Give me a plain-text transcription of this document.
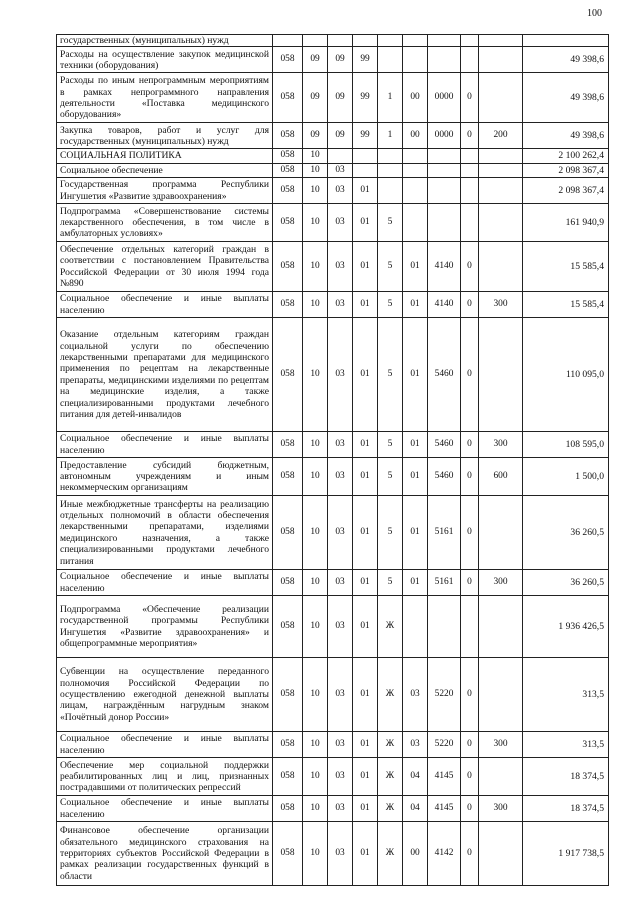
100
государственных (муниципальных) нужд										
Расходы на осуществление закупок медицинской техники (оборудования)	058	09	09	99						49 398,6
Расходы по иным непрограммным мероприятиям в рамках непрограммного направления деятельности «Поставка медицинского оборудования»	058	09	09	99	1	00	0000	0		49 398,6
Закупка товаров, работ и услуг для государственных (муниципальных) нужд	058	09	09	99	1	00	0000	0	200	49 398,6
СОЦИАЛЬНАЯ ПОЛИТИКА	058	10								2 100 262,4
Социальное обеспечение	058	10	03							2 098 367,4
Государственная программа Республики Ингушетия «Развитие здравоохранения»	058	10	03	01						2 098 367,4
Подпрограмма «Совершенствование системы лекарственного обеспечения, в том числе в амбулаторных условиях»	058	10	03	01	5					161 940,9
Обеспечение отдельных категорий граждан в соответствии с постановлением Правительства Российской Федерации от 30 июля 1994 года №890	058	10	03	01	5	01	4140	0		15 585,4
Социальное обеспечение и иные выплаты населению	058	10	03	01	5	01	4140	0	300	15 585,4
Оказание отдельным категориям граждан социальной услуги по обеспечению лекарственными препаратами для медицинского применения по рецептам на лекарственные препараты, медицинскими изделиями по рецептам на медицинские изделия, а также специализированными продуктами лечебного питания для детей-инвалидов	058	10	03	01	5	01	5460	0		110 095,0
Социальное обеспечение и иные выплаты населению	058	10	03	01	5	01	5460	0	300	108 595,0
Предоставление субсидий бюджетным, автономным учреждениям и иным некоммерческим организациям	058	10	03	01	5	01	5460	0	600	1 500,0
Иные межбюджетные трансферты на реализацию отдельных полномочий в области обеспечения лекарственными препаратами, изделиями медицинского назначения, а также специализированными продуктами лечебного питания	058	10	03	01	5	01	5161	0		36 260,5
Социальное обеспечение и иные выплаты населению	058	10	03	01	5	01	5161	0	300	36 260,5
Подпрограмма «Обеспечение реализации государственной программы Республики Ингушетия «Развитие здравоохранения» и общепрограммные мероприятия»	058	10	03	01	Ж					1 936 426,5
Субвенции на осуществление переданного полномочия Российской Федерации по осуществлению ежегодной денежной выплаты лицам, награждённым нагрудным знаком «Почётный донор России»	058	10	03	01	Ж	03	5220	0		313,5
Социальное обеспечение и иные выплаты населению	058	10	03	01	Ж	03	5220	0	300	313,5
Обеспечение мер социальной поддержки реабилитированных лиц и лиц, признанных пострадавшими от политических репрессий	058	10	03	01	Ж	04	4145	0		18 374,5
Социальное обеспечение и иные выплаты населению	058	10	03	01	Ж	04	4145	0	300	18 374,5
Финансовое обеспечение организации обязательного медицинского страхования на территориях субъектов Российской Федерации в рамках реализации государственных функций в области	058	10	03	01	Ж	00	4142	0		1 917 738,5
